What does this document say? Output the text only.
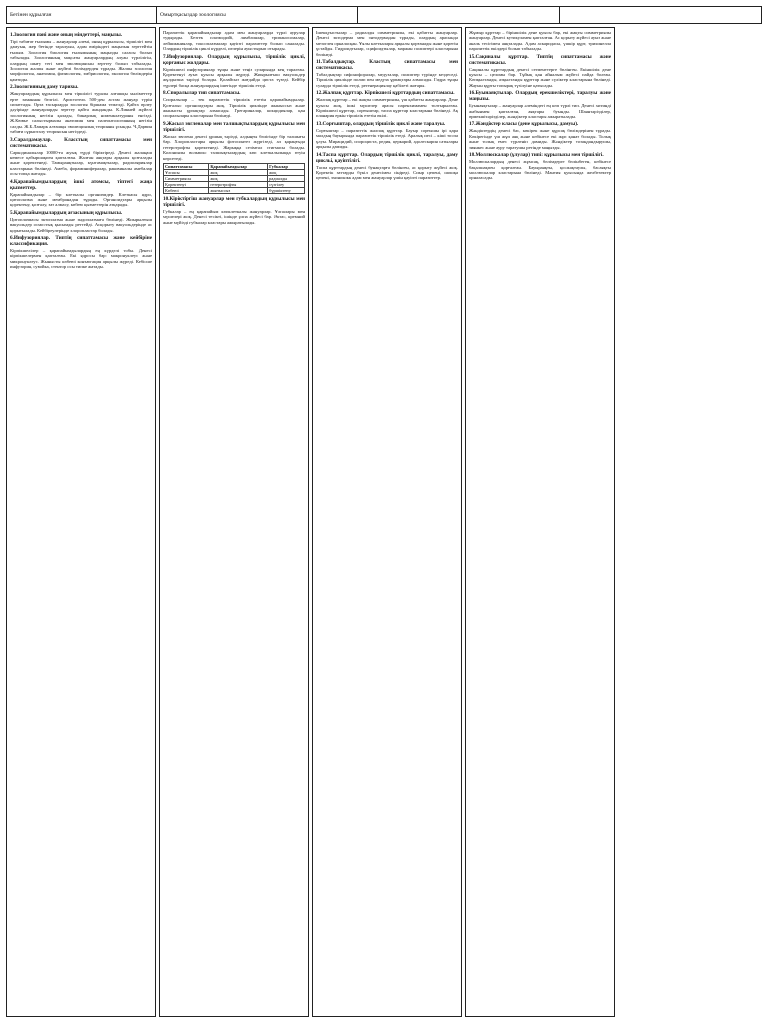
Бетінен құрылған	Омыртқасыздар зоологиясы
1.Зоология пәні және оның міндеттері, маңызы.

Тірі табиғат ғылымы – жануарлар әлемі, оның құрылысы, тіршілігі мен дамуын, жер бетінде таралуын, адам өміріндегі маңызын зерттейтін ғылым. Зоология биология ғылымының маңызды саласы болып табылады. Зоологияның мақсаты жануарлардың алуан түрлілігін, олардың шығу тегі мен эволюциясын зерттеу болып табылады. Зоология жалпы және жүйелі бөлімдерден тұрады. Жалпы зоология морфология, анатомия, физиология, эмбриология, экология бөлімдерін қамтиды.

2.Зоологияның даму тарихы.

Жануарлардың құрылысы мен тіршілігі туралы алғашқы мәліметтер ерте заманнан белгілі. Аристотель 500-ден астам жануар түрін сипаттады. Орта ғасырларда зоология біршама тежелді. Қайта өрлеу дәуірінде жануарларды зерттеу қайта жанданды. К.Линней жүйелі зоологияның негізін қалады, бинарлық номенклатураны енгізді. Ж.Кювье салыстырмалы анатомия мен палеонтологияның негізін салды. Ж.Б.Ламарк алғашқы эволюциялық теорияны ұсынды. Ч.Дарвин табиғи сұрыпталу теориясын негіздеді.

3.Саралдамаулар. Класстың сипаттамасы мен систематикасы.

Саркодиналылар 10000-ға жуық түрді біріктіреді. Денесі жалаңаш немесе қабыршақпен қапталған. Жалған аяқтары арқылы қозғалады және қоректенеді. Тамыраяқтылар, күнтамақтылар, радиоляриялар кластарына бөлінеді. Амеба, фораминифералар, раковиналы амебалар осы топқа жатады.

4.Қарапайымдылардың ішкі атомсы, тіптегі жаңа қызметтер.

Қарапайымдылар – бір клеткалы организмдер. Клеткасы ядро, цитоплазма және мембранадан тұрады. Органоидтары арқылы қоректену, қозғалу, зат алмасу, көбею қызметтерін атқарады.

5.Қарапайымдылардың ағзасының құрылысы.

Цитоплазмасы эктоплазма және эндоплазмаға бөлінеді. Жиырылғыш вакуольдер осмостық қысымды реттейді. Асқорыту вакуольдерінде ас қорытылады. Кейбіреулерінде хлоропластар болады.

6.Инфузориялар. Типтің сипаттамасы және кейбіріне классификация.

Кірпікшелілер – қарапайымдылардың ең күрделі тобы. Денесі кірпікшелермен қапталған. Екі ядросы бар: макронуклеус және микронуклеус. Жынысты көбеюі конъюгация арқылы жүреді. Кебісше инфузория, сувойка, стентор осы типке жатады.

Паразиттік қарапайымдылар адам мен жануарларда түрлі аурулар тудырады. Безгек плазмодийі, лямблиялар, трипаносомалар, лейшманиялар, токсоплазмалар қауіпті паразиттер болып саналады. Олардың тіршілік циклі күрделі, иелерін ауыстырып отырады.

7.Инфузориялар. Олардың құрылысы, тіршілік циклі, қорғаныс жолдары.

Кірпікшелі инфузориялар тұщы және теңіз суларында кең таралған. Қоректенуі ауыз қуысы арқылы жүреді. Жиырылғыш вакуольдер жұлдызша тәрізді болады. Қолайсыз жағдайда циста түзеді. Кейбір түрлері басқа жануарлардың ішегінде тіршілік етеді.

8.Споралылар тип сипаттамасы.

Споралылар – тек паразиттік тіршілік ететін қарапайымдылар. Қозғалыс органоидтары жоқ. Тіршілік циклінде жыныссыз және жынысты ұрпақтар алмасады. Грегариналар, кокцидиялар, қан споралылары кластарына бөлінеді.

9.Жасыл эвгленалар мен талшықтылардың құрылысы мен тіршілігі.

Жасыл эвглена денесі ұршық тәрізді, алдыңғы бөлігінде бір талшығы бар. Хлоропластары арқылы фотосинтез жүргізеді, ал қараңғыда гетеротрофты қоректенеді. Жарыққа сезімтал стигмасы болады. Колониялы вольвокс талшықтылардың көп клеткалылыққа өтуін көрсетеді.

Сипаттамасы	Қарапайымдылар	Губкалар
Ұлпасы	жоқ	жоқ
Симметриясы	жоқ	радиалды
Қоректенуі	гетеротрофты	сүзгілеу
Көбеюі	жыныссыз	бүршіктену
10.Кіріктіргіш жануарлар мен губкалардың құрылысы мен тіршілігі.

Губкалар – ең қарапайым көпклеткалы жануарлар. Ұлпалары мен мүшелері жоқ. Денесі тесікті, ішінде ұлпа жүйесі бар. Әктас, кремний және мүйізді губкалар кластары ажыратылады.

Ішекқуыстылар – радиалды симметриялы, екі қабатты жануарлар. Денесі эктодерма мен энтодермадан тұрады, олардың арасында мезоглея орналасқан. Ұялы клеткалары арқылы қорғанады және қорегін ұстайды. Гидроидтылар, сцифоидтылар, маржан полиптері кластарына бөлінеді.

11.Табалдықтар. Кластың сипаттамасы мен систематикасы.

Табалдықтар сифонофоралар, медузалар, полиптер түрінде кездеседі. Тіршілік циклінде полип пен медуза ұрпақтары алмасады. Гидра тұщы суларда тіршілік етеді, регенерациялау қабілеті жоғары.

12.Жалпақ құрттар. Кірпікшелі құрттардың сипаттамасы.

Жалпақ құрттар – екі жақты симметриялы, үш қабатты жануарлар. Дене қуысы жоқ, ішкі мүшелер арасы паренхимамен толтырылған. Кірпікшелі құрттар, сорғыштар, таспа құрттар кластарына бөлінеді. Ақ планария еркін тіршілік ететін өкілі.

13.Сорғыштар, олардың тіршілік циклі және таралуы.

Сорғыштар – паразиттік жалпақ құрттар. Бауыр сорғышы ірі қара малдың бауырында паразиттік тіршілік етеді. Аралық иесі – кіші тоспа ұлуы. Мирацидий, спороциста, редия, церкарий, адолескария сатылары арқылы дамиды.

14.Таспа құрттар. Олардың тіршілік циклі, таралуы, даму цикльі, қауіптілігі.

Таспа құрттардың денесі бунақтарға бөлінген, ас қорыту жүйесі жоқ. Қоректік заттарды бүкіл денесімен сіңіреді. Сиыр цепені, шошқа цепені, эхинококк адам мен жануарлар үшін қауіпті паразиттер.

Жұмыр құрттар – біріншілік дене қуысы бар, екі жақты симметриялы жануарлар. Денесі кутикуламен қапталған. Ас қорыту жүйесі ауыз және аналь тесігімен аяқталады. Адам аскаридасы, үшкір құрт, трихинелла паразиттік өкілдері болып табылады.

15.Сақиналы құрттар. Типтің сипаттамасы және систематикасы.

Сақиналы құрттардың денесі сегменттерге бөлінген. Екіншілік дене қуысы – целомы бар. Тұйық қан айналым жүйесі пайда болған. Көпқылтанды, азқылтанды құрттар және сүліктер кластарына бөлінеді. Жауын құрты топырақ түзілуіне қатысады.

16.Буынаяқтылар. Олардың ерекшеліктері, таралуы және маңызы.

Буынаяқтылар – жануарлар әлеміндегі ең көп түрлі тип. Денесі хитинді жабынмен қапталған, аяқтары буынды. Шаянтәрізділер, өрмекшітәрізділер, жәндіктер кластары ажыратылады.

17.Жәндіктер класы (дене құрылысы, дамуы).

Жәндіктердің денесі бас, көкірек және құрсақ бөлімдерінен тұрады. Көкірегінде үш жұп аяқ және көбінесе екі жұп қанат болады. Толық және толық емес түрленіп дамиды. Жәндіктер тозаңдандырушы, зиянкес және ауру таратушы ретінде маңызды.

18.Моллюскалар (ұлулар) типі: құрылысы мен тіршілігі.

Моллюскалардың денесі жұмсақ, бөлімдерге бөлінбеген, көбінесе бақалшақпен қорғалған. Бауыраяқты, қосжақтаулы, басаяқты моллюскалар кластарына бөлінеді. Мантия қуысында желбезектер орналасады.
